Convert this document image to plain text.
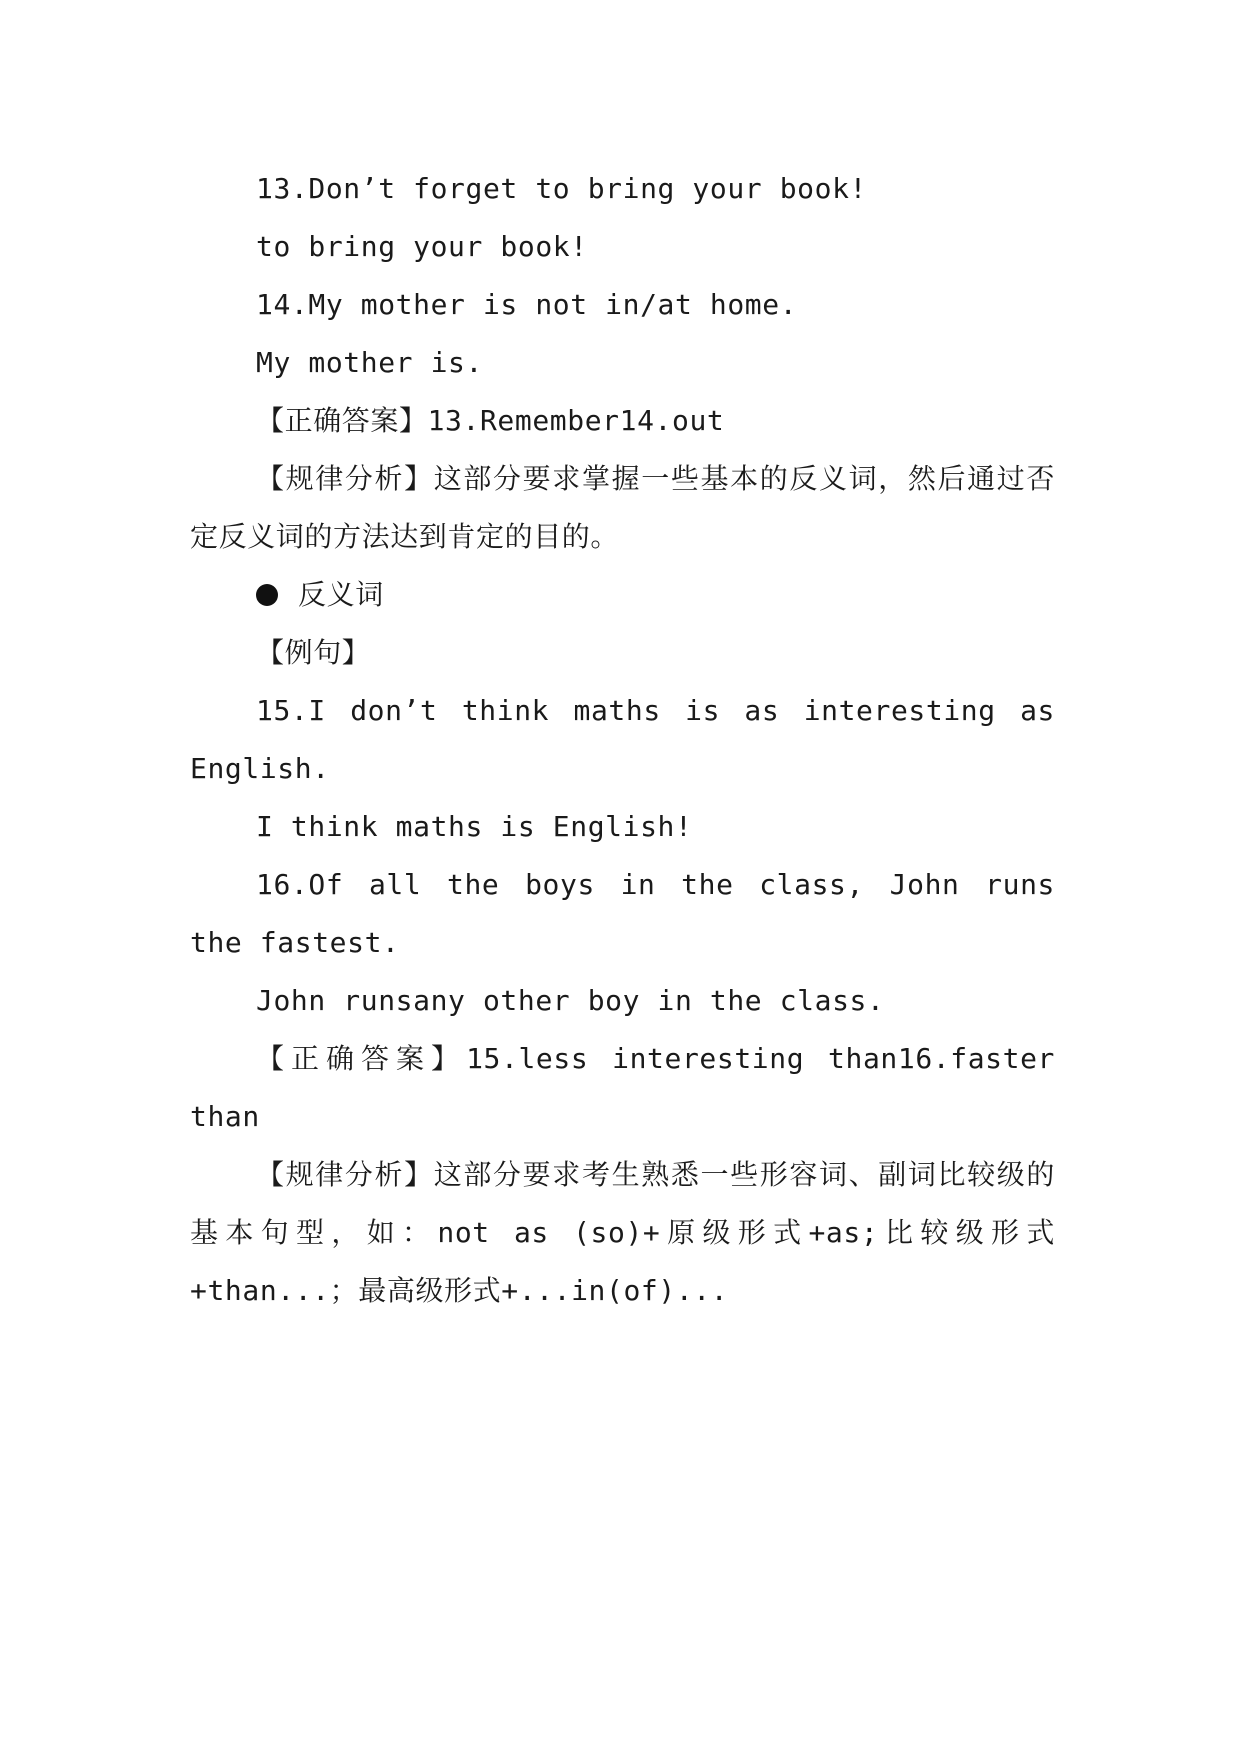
13.Don’t forget to bring your book!

to bring your book!

14.My mother is not in/at home.

My mother is.

【正确答案】13.Remember14.out

【规律分析】这部分要求掌握一些基本的反义词，然后通过否定反义词的方法达到肯定的目的。

反义词

【例句】

15.I don’t think maths is as interesting as English.

I think maths is English!

16.Of all the boys in the class, John runs the fastest.

John runsany other boy in the class.

【正确答案】15.less interesting than16.faster than

【规律分析】这部分要求考生熟悉一些形容词、副词比较级的基本句型，如：not as (so)+原级形式+as;比较级形式+than...；最高级形式+...in(of)...
